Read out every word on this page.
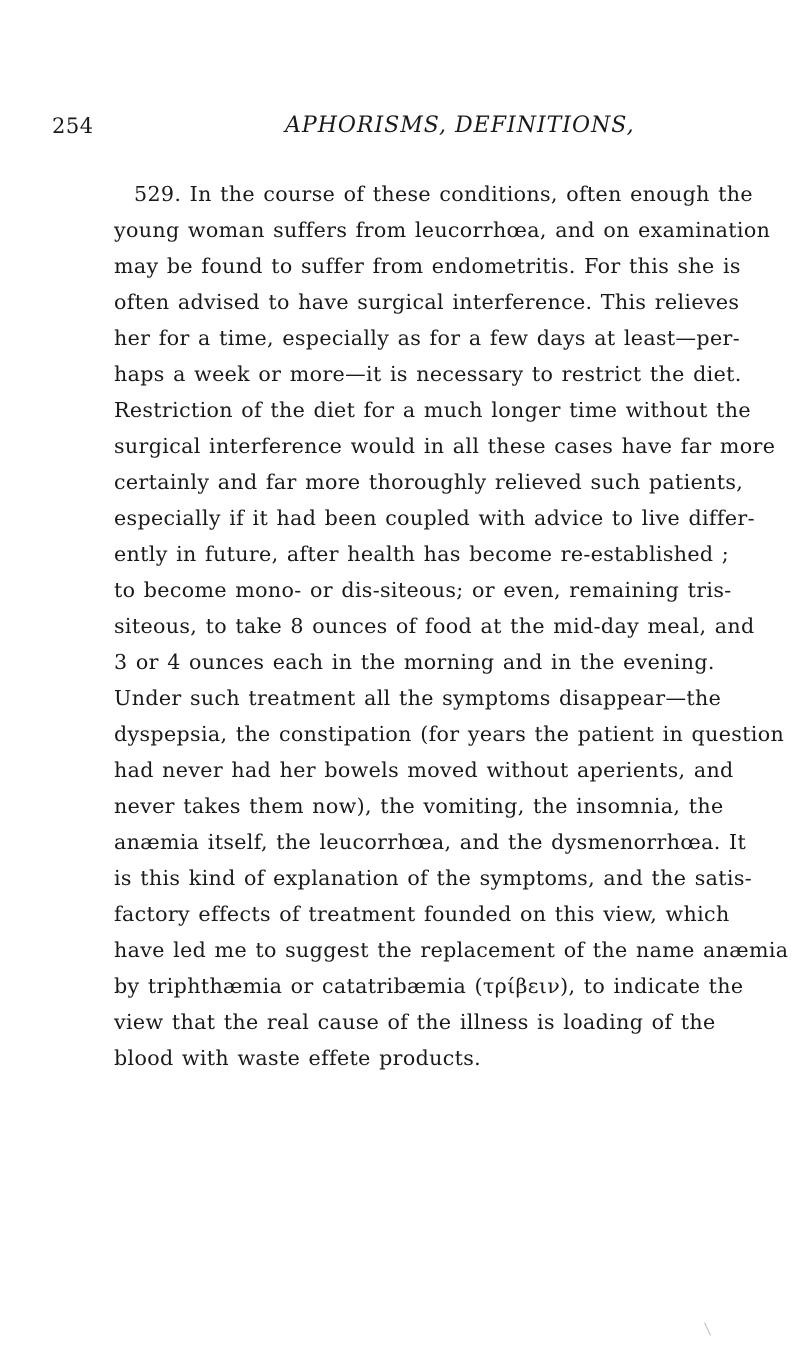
254	APHORISMS, DEFINITIONS,
529. In the course of these conditions, often enough the
young woman suffers from leucorrhœa, and on examination
may be found to suffer from endometritis. For this she is
often advised to have surgical interference. This relieves
her for a time, especially as for a few days at least—per-
haps a week or more—it is necessary to restrict the diet.
Restriction of the diet for a much longer time without the
surgical interference would in all these cases have far more
certainly and far more thoroughly relieved such patients,
especially if it had been coupled with advice to live differ-
ently in future, after health has become re-established ;
to become mono- or dis-siteous; or even, remaining tris-
siteous, to take 8 ounces of food at the mid-day meal, and
3 or 4 ounces each in the morning and in the evening.
Under such treatment all the symptoms disappear—the
dyspepsia, the constipation (for years the patient in question
had never had her bowels moved without aperients, and
never takes them now), the vomiting, the insomnia, the
anæmia itself, the leucorrhœa, and the dysmenorrhœa. It
is this kind of explanation of the symptoms, and the satis-
factory effects of treatment founded on this view, which
have led me to suggest the replacement of the name anæmia
by triphthæmia or catatribæmia (τρίβειν), to indicate the
view that the real cause of the illness is loading of the
blood with waste effete products.
